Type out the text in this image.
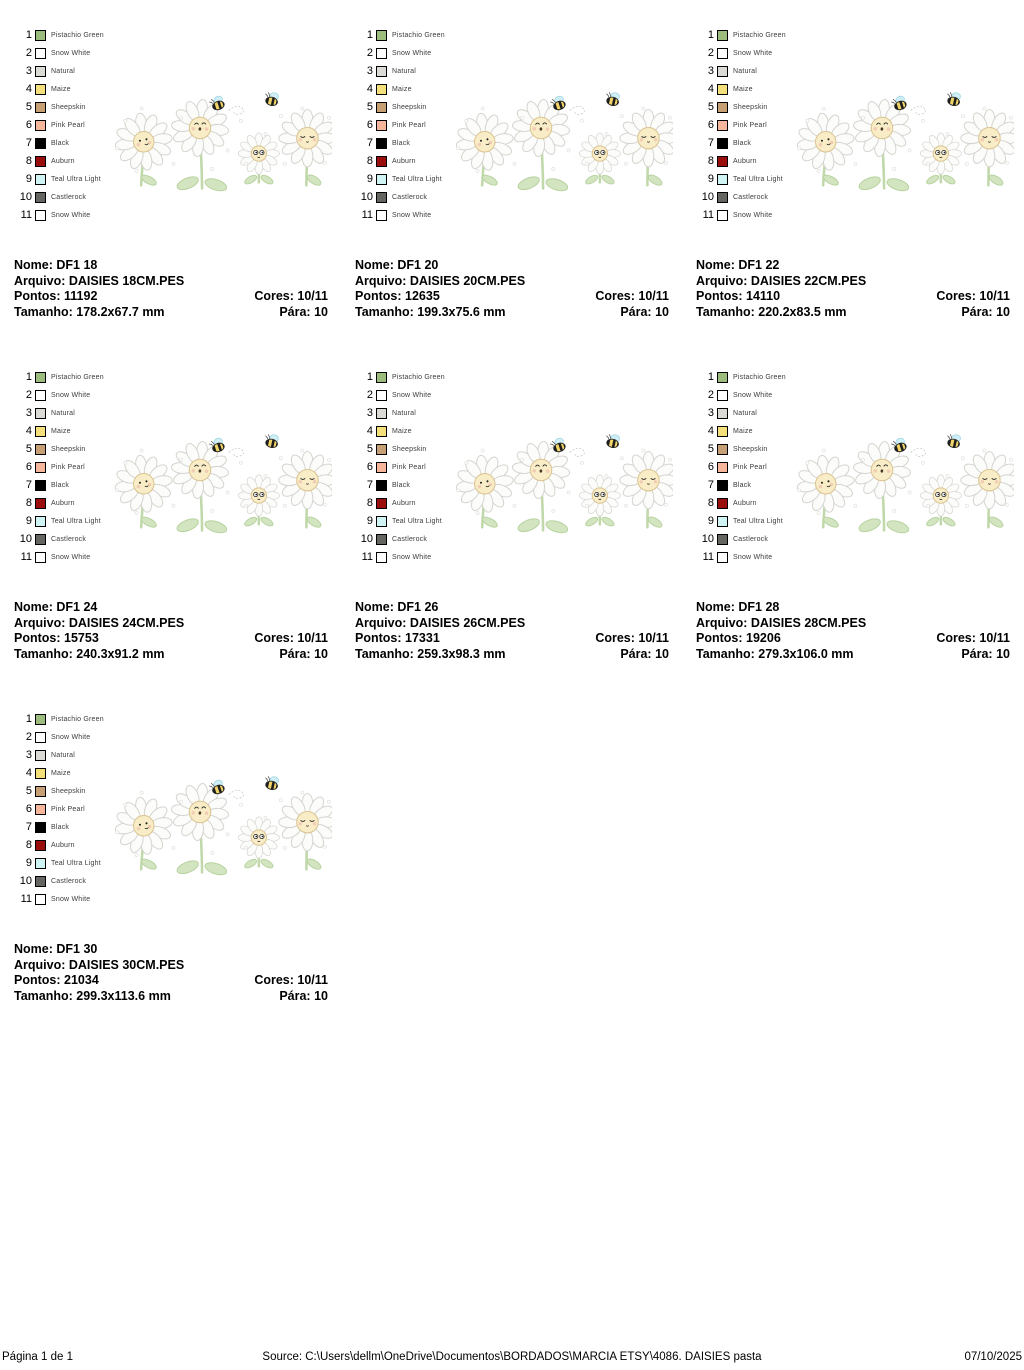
1	Pistachio Green
2	Snow White
3	Natural
4	Maize
5	Sheepskin
6	Pink Pearl
7	Black
8	Auburn
9	Teal Ultra Light
10	Castlerock
11	Snow White
Nome: DF1 18
Arquivo: DAISIES 18CM.PES
Pontos: 11192	Cores: 10/11
Tamanho: 178.2x67.7 mm	Pára: 10
1	Pistachio Green
2	Snow White
3	Natural
4	Maize
5	Sheepskin
6	Pink Pearl
7	Black
8	Auburn
9	Teal Ultra Light
10	Castlerock
11	Snow White
Nome: DF1 20
Arquivo: DAISIES 20CM.PES
Pontos: 12635	Cores: 10/11
Tamanho: 199.3x75.6 mm	Pára: 10
1	Pistachio Green
2	Snow White
3	Natural
4	Maize
5	Sheepskin
6	Pink Pearl
7	Black
8	Auburn
9	Teal Ultra Light
10	Castlerock
11	Snow White
Nome: DF1 22
Arquivo: DAISIES 22CM.PES
Pontos: 14110	Cores: 10/11
Tamanho: 220.2x83.5 mm	Pára: 10
1	Pistachio Green
2	Snow White
3	Natural
4	Maize
5	Sheepskin
6	Pink Pearl
7	Black
8	Auburn
9	Teal Ultra Light
10	Castlerock
11	Snow White
Nome: DF1 24
Arquivo: DAISIES 24CM.PES
Pontos: 15753	Cores: 10/11
Tamanho: 240.3x91.2 mm	Pára: 10
1	Pistachio Green
2	Snow White
3	Natural
4	Maize
5	Sheepskin
6	Pink Pearl
7	Black
8	Auburn
9	Teal Ultra Light
10	Castlerock
11	Snow White
Nome: DF1 26
Arquivo: DAISIES 26CM.PES
Pontos: 17331	Cores: 10/11
Tamanho: 259.3x98.3 mm	Pára: 10
1	Pistachio Green
2	Snow White
3	Natural
4	Maize
5	Sheepskin
6	Pink Pearl
7	Black
8	Auburn
9	Teal Ultra Light
10	Castlerock
11	Snow White
Nome: DF1 28
Arquivo: DAISIES 28CM.PES
Pontos: 19206	Cores: 10/11
Tamanho: 279.3x106.0 mm	Pára: 10
1	Pistachio Green
2	Snow White
3	Natural
4	Maize
5	Sheepskin
6	Pink Pearl
7	Black
8	Auburn
9	Teal Ultra Light
10	Castlerock
11	Snow White
Nome: DF1 30
Arquivo: DAISIES 30CM.PES
Pontos: 21034	Cores: 10/11
Tamanho: 299.3x113.6 mm	Pára: 10
Página 1 de 1	Source: C:\Users\dellm\OneDrive\Documentos\BORDADOS\MARCIA ETSY\4086. DAISIES pasta	07/10/2025
